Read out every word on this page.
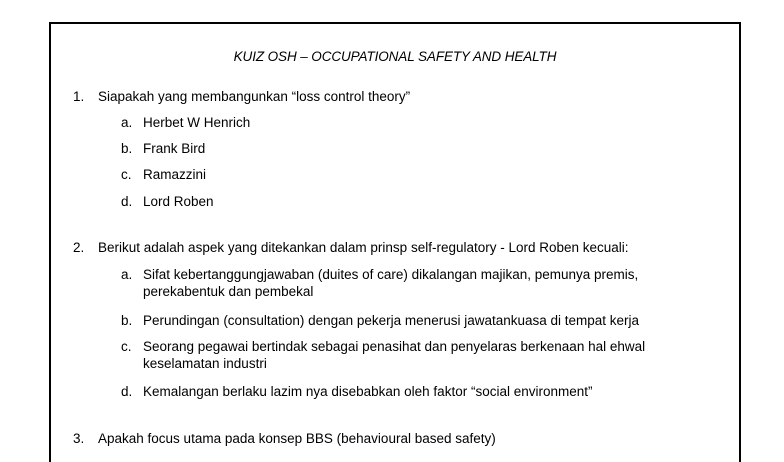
KUIZ OSH – OCCUPATIONAL SAFETY AND HEALTH
1.	Siapakah yang membangunkan “loss control theory”
a. Herbet W Henrich
b. Frank Bird
c. Ramazzini
d. Lord Roben
2.	Berikut adalah aspek yang ditekankan dalam prinsp self-regulatory - Lord Roben kecuali:
a. Sifat kebertanggungjawaban (duites of care) dikalangan majikan, pemunya premis, perekabentuk dan pembekal
b. Perundingan (consultation) dengan pekerja menerusi jawatankuasa di tempat kerja
c. Seorang pegawai bertindak sebagai penasihat dan penyelaras berkenaan hal ehwal keselamatan industri
d. Kemalangan berlaku lazim nya disebabkan oleh faktor “social environment”
3.	Apakah focus utama pada konsep BBS (behavioural based safety)
